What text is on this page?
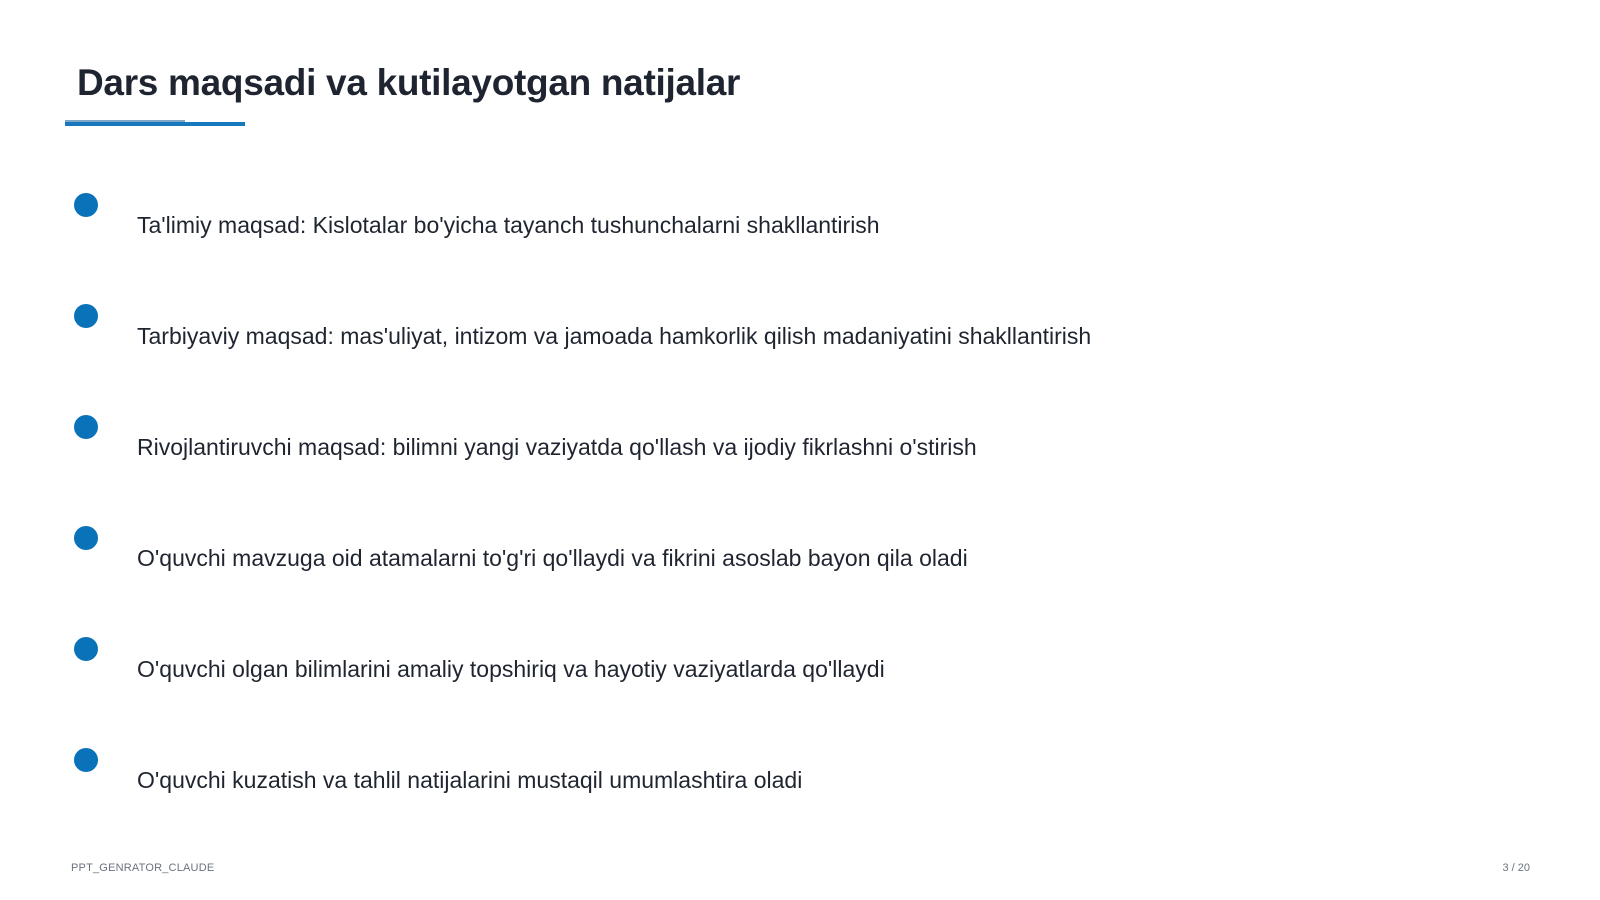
Dars maqsadi va kutilayotgan natijalar
Ta'limiy maqsad: Kislotalar bo'yicha tayanch tushunchalarni shakllantirish
Tarbiyaviy maqsad: mas'uliyat, intizom va jamoada hamkorlik qilish madaniyatini shakllantirish
Rivojlantiruvchi maqsad: bilimni yangi vaziyatda qo'llash va ijodiy fikrlashni o'stirish
O'quvchi mavzuga oid atamalarni to'g'ri qo'llaydi va fikrini asoslab bayon qila oladi
O'quvchi olgan bilimlarini amaliy topshiriq va hayotiy vaziyatlarda qo'llaydi
O'quvchi kuzatish va tahlil natijalarini mustaqil umumlashtira oladi
PPT_GENRATOR_CLAUDE	3 / 20
